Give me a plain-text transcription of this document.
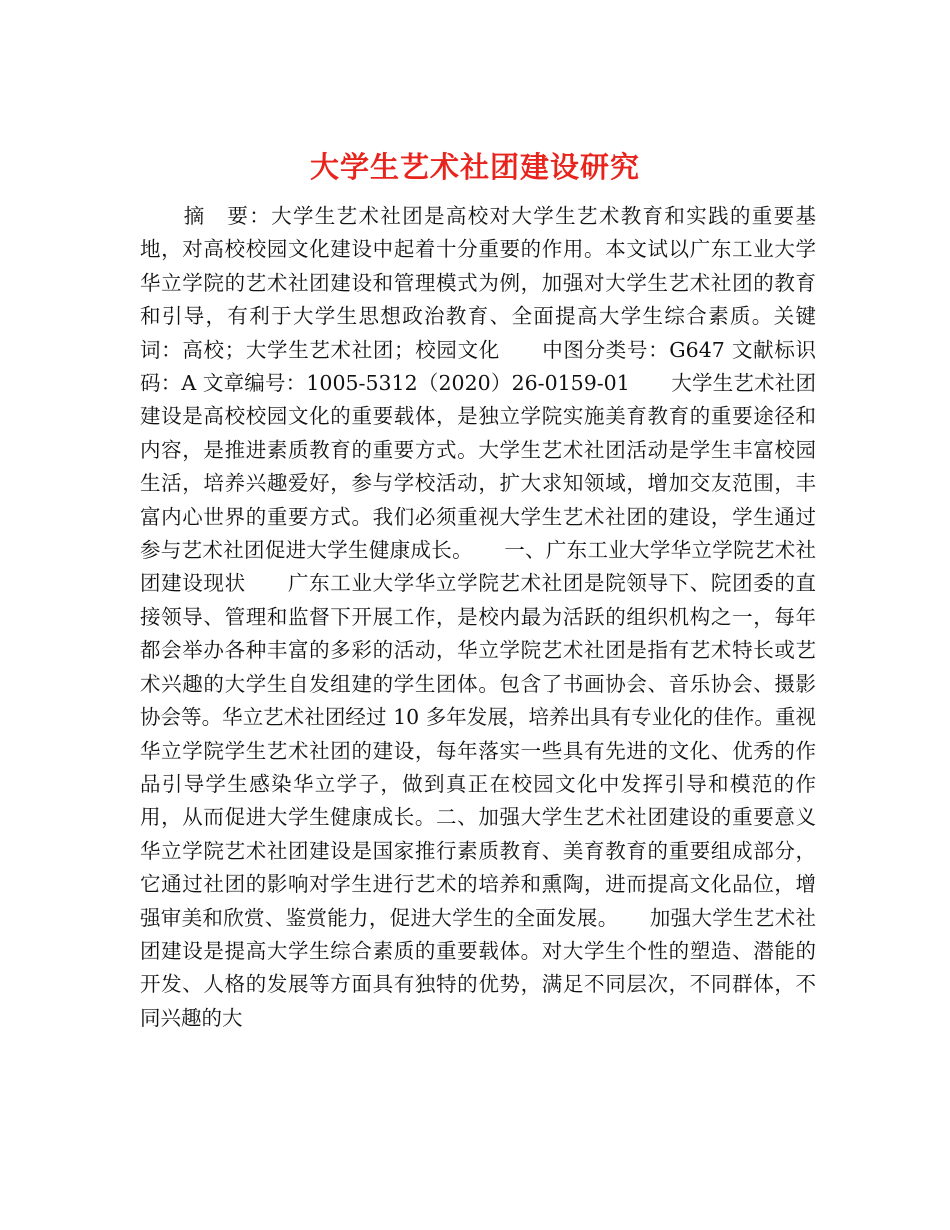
大学生艺术社团建设研究

　　摘　要：大学生艺术社团是高校对大学生艺术教育和实践的重要基地，对高校校园文化建设中起着十分重要的作用。本文试以广东工业大学华立学院的艺术社团建设和管理模式为例，加强对大学生艺术社团的教育和引导，有利于大学生思想政治教育、全面提高大学生综合素质。关键词：高校；大学生艺术社团；校园文化　　中图分类号：G647 文献标识码：A 文章编号：1005-5312（2020）26-0159-01　　大学生艺术社团建设是高校校园文化的重要载体，是独立学院实施美育教育的重要途径和内容，是推进素质教育的重要方式。大学生艺术社团活动是学生丰富校园生活，培养兴趣爱好，参与学校活动，扩大求知领域，增加交友范围，丰富内心世界的重要方式。我们必须重视大学生艺术社团的建设，学生通过参与艺术社团促进大学生健康成长。　　一、广东工业大学华立学院艺术社团建设现状　　广东工业大学华立学院艺术社团是院领导下、院团委的直接领导、管理和监督下开展工作，是校内最为活跃的组织机构之一，每年都会举办各种丰富的多彩的活动，华立学院艺术社团是指有艺术特长或艺术兴趣的大学生自发组建的学生团体。包含了书画协会、音乐协会、摄影协会等。华立艺术社团经过 10 多年发展，培养出具有专业化的佳作。重视华立学院学生艺术社团的建设，每年落实一些具有先进的文化、优秀的作品引导学生感染华立学子，做到真正在校园文化中发挥引导和模范的作用，从而促进大学生健康成长。二、加强大学生艺术社团建设的重要意义　　华立学院艺术社团建设是国家推行素质教育、美育教育的重要组成部分，它通过社团的影响对学生进行艺术的培养和熏陶，进而提高文化品位，增强审美和欣赏、鉴赏能力，促进大学生的全面发展。　　加强大学生艺术社团建设是提高大学生综合素质的重要载体。对大学生个性的塑造、潜能的开发、人格的发展等方面具有独特的优势，满足不同层次，不同群体，不同兴趣的大
